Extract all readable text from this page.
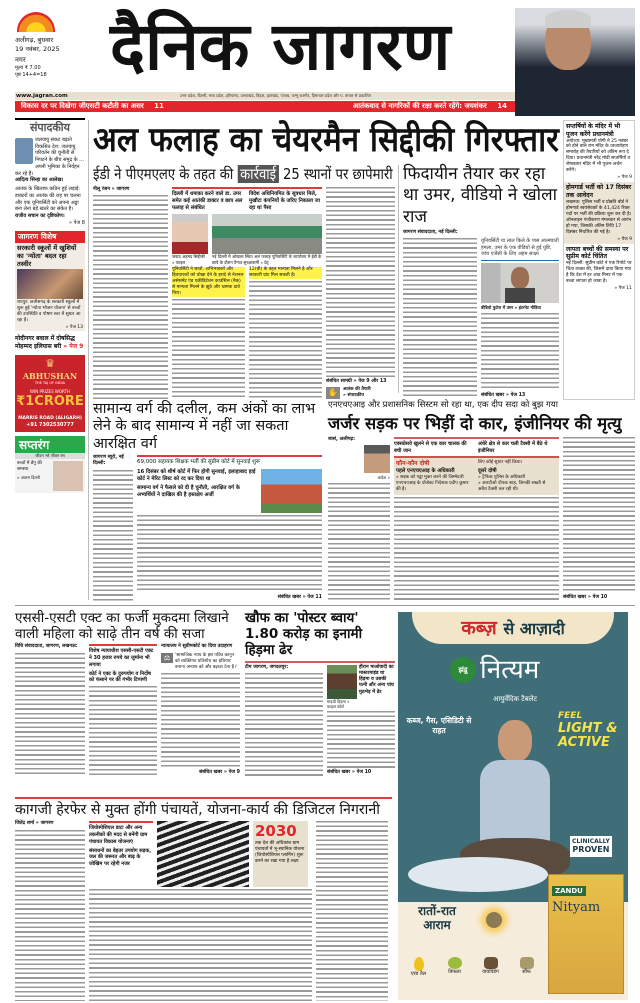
अलीगढ़, बुधवार
19 नवंबर, 2025
नगर
मूल्य ₹ 7.00
पृष्ठ 14+4=18 दैनिक जागरण
www.jagran.com	उत्तर प्रदेश, दिल्ली, मध्य प्रदेश, हरियाणा, उत्तराखंड, बिहार, झारखंड, पंजाब, जम्मू कश्मीर, हिमाचल प्रदेश और प. बंगाल से प्रकाशित
विकास दर पर दिखेगा जीएसटी कटौती का असर 11	आतंकवाद से नागरिकों की रक्षा करते रहेंगे: जयशंकर 14
संपादकीय
जलवायु संकट बढ़ाते विकसित देश: जलवायु परिवर्तन की चुनौती से निपटने के बीच समुद्र के ... अपनी भूमिका के निर्वहन कर रहे हैं।
आदित्य सिन्हा का आलेख।
आतंक के खिलाफ कठिन हुई लड़ाई: डाक्टरों का आतंक की राह पर चलना और एक यूनिवर्सिटी को अपना अड्डा बना लेना बड़े खतरे का संकेत है।
राजीव सचान का दृष्टिकोण।
» पेज 8
जागरण विशेष
सरकारी स्कूलों में खुशियों का 'न्योता' बदल रहा तस्वीर
रायपुर: छत्तीसगढ़ के सरकारी स्कूलों में शुरू हुई 'न्योता भोजन योजना' से बच्चों की उपस्थिति व पोषण स्तर में सुधार आ रहा है।
» पेज 13
मोदीनगर बवाल में दोषसिद्ध मोहम्मद इलियास बरी » पेज 9
♛
ABHUSHAN
THE TAJ OF INDIA
WIN PRIZES WORTH
₹1CRORE
MARRIS ROAD (ALIGARH)
+91 7302530777
सप्तरंग
जीवन भरे जीवन रस
बच्चों में डेंगू की समस्या
» आलम दिल्ली
अल फलाह का चेयरमैन सिद्दीकी गिरफ्तार
ईडी ने पीएमएलए के तहत की कार्रवाई 25 स्थानों पर छापेमारी
नीलू रंजन » जागरण
दिल्ली में धमाका करने वाले डा. उमर समेत कई आतंकी डाक्टर व छात्र अल फलाह से संबंधित
विदेश अधिनियमित के सूत्रधार मिले, मुखौटा कंपनियों के जरिए निकाला जा रहा था पैसा
जवाद अहमद सिद्दीकी » फाइल
नई दिल्ली में ओखला स्थित अल फलाह यूनिवर्सिटी के कार्यालय में ईडी के छापे के दौरान तैनात सुरक्षाकर्मी » प्रेट्र
यूनिवर्सिटी ने छात्रों, अभिभावकों और हितधारकों को धोखा देने के इरादे से नेशनल असेसमेंट एंड एक्रीडिटेशन काउंसिल (नैक) से मान्यता मिलने के झूठे और भ्रामक दावे किए।
12(बी) के तहत मान्यता मिलने है और सरकारी ग्रांट मिल सकती है।
संबंधित सामग्री » पेज 9 और 13
✋	आतंक की तैयारी
» संपादकीय
फिदायीन तैयार कर रहा था उमर, वीडियो ने खोला राज
जागरण संवाददाता, नई दिल्ली:
यूनिवर्सिटी या लाल किले के पास आत्मघाती हमला, उमर के एक वीडियो से हुई पुष्टि, जांच एजेंसी के लिए अहम साक्ष्य
वीडियो फुटेज में उमर » इंटरनेट मीडिया
संबंधित खबर » पेज 13
सप्तर्षियों के मंदिर में भी पूजन करेंगे प्रधानमंत्री
अयोध्या: मुख्यमंत्री योगी ने 25 नवंबर को होने वाले राम मंदिर के ध्वजारोहण समारोह की तैयारियों को अंतिम रूप दे दिया। प्रधानमंत्री नरेंद्र मोदी सप्तर्षियों व शेषावतार मंदिर में भी पूजन-अर्चन करेंगे।
» पेज 9
होमगार्ड भर्ती को 17 दिसंबर तक आवेदन
लखनऊ: पुलिस भर्ती व प्रोन्नति बोर्ड ने होमगार्ड स्वयंसेवकों के 41,424 रिक्त पदों पर भर्ती की प्रक्रिया शुरू कर दी है। ऑनलाइन पंजीकरण मंगलवार से आरंभ हो गया, जिसकी अंतिम तिथि 17 दिसंबर निर्धारित की गई है।
» पेज 9
लापता बच्चों की समस्या पर सुप्रीम कोर्ट चिंतित
नई दिल्ली: सुप्रीम कोर्ट ने एक रिपोर्ट पर चिंता व्यक्त की, जिसमें दावा किया गया है कि देश में हर आठ मिनट में एक बच्चा लापता हो जाता है।
» पेज 11
सामान्य वर्ग की दलील, कम अंकों का लाभ लेने के बाद सामान्य में नहीं जा सकता आरक्षित वर्ग
जागरण ब्यूरो, नई दिल्ली:	69,000 सहायक शिक्षक भर्ती की सुप्रीम कोर्ट में सुनवाई शुरू
16 दिसंबर को शीर्ष कोर्ट में फिर होगी सुनवाई, इलाहाबाद हाई कोर्ट ने मेरिट लिस्ट को रद कर दिया था
सामान्य वर्ग ने फैसले को दी है चुनौती, आरक्षित वर्ग के अभ्यर्थियों ने दाखिल की है हस्तक्षेप अर्जी
संबंधित खबर » पेज 11
एनएचएआइ और प्रशासनिक सिस्टम सो रहा था, एक दीप सदा को बुझ गया
जर्जर सड़क पर भिड़ीं दो कार, इंजीनियर की मृत्यु
जासं, अलीगढ़:
आदेश »
एक्सप्रेसवे खुलने से एक कार चालक की बची जान
अंधेरे क्षेत्र से कार चली टैक्सी में बैठे थे इंजीनियर
कौन-कौन दोषी
पहले एनएचएआइ के अधिकारी
» सड़क को गड्ढा मुक्त करने की जिम्मेदारी एनएचएआइ के प्रोजेक्ट निदेशक प्रदीप कुमार की है।
लिए कोई सुधार नहीं किया।
दूसरे दोषी
» ट्रैफिक पुलिस के अधिकारी
» आरटीओ दीपक शाह, जिनकी सख्ती से अवैध टैक्सी चल रही थी।
संबंधित खबर » पेज 10
एससी-एसटी एक्ट का फर्जी मुकदमा लिखाने वाली महिला को साढ़े तीन वर्ष की सजा
विधि संवाददाता, जागरण, लखनऊ:
विशेष न्यायाधीश एससी-एसटी एक्ट ने 30 हजार रुपये का जुर्माना भी लगाया
कोर्ट ने एक्ट के दुरुपयोग व निर्दोष को फंसाने पर की गंभीर टिप्पणी
न्यायालय ने सुप्रीमकोर्ट का दिया उदाहरण
⚖	'सामाजिक न्याय के इस पवित्र कानून को व्यक्तिगत प्रतिशोध का हथियार बनाना अन्याय को और बढ़ावा देना है।'
संबंधित खबर » पेज 9
खौफ का 'पोस्टर ब्वाय' 1.80 करोड़ का इनामी हिड़मा ढेर
टीम जागरण, जगदलपुर:
माड़वी हिड़मा » फाइल फोटो
हौरान माओवादी का मास्टरमाइंड था हिड़मा व उसकी पत्नी और अन्य पांच मुठभेड़ में ढेर
संबंधित खबर » पेज 10
कागजी हेरफेर से मुक्त होंगी पंचायतें, योजना-कार्य की डिजिटल निगरानी
जितेंद्र शर्मा » जागरण
जियोस्पेशियल डाटा और अन्य तकनीकों की मदद से बनेंगी ग्राम पंचायत विकास योजनाएं
संसाधनों का बेहतर उपयोग सड़क, जल की जरूरत और बाढ़ के जोखिम पर रहेगी नजर
2030
तक देश की अधिकांश ग्राम पंचायतों में भू-स्थानिक योजना (जियोस्पेशियल प्लानिंग) शुरू करने का रखा गया है लक्ष्य
कब्ज़ से आज़ादी
झंडू नित्यम
आयुर्वेदिक टैबलेट
कब्ज, गैस, एसिडिटी से राहत
FEEL
LIGHT &
ACTIVE
CLINICALLY
PROVEN
रातों-रात आराम
ZANDU
Nityam
एरंड तैल	त्रिफला	वायविडंग	सौंफ
